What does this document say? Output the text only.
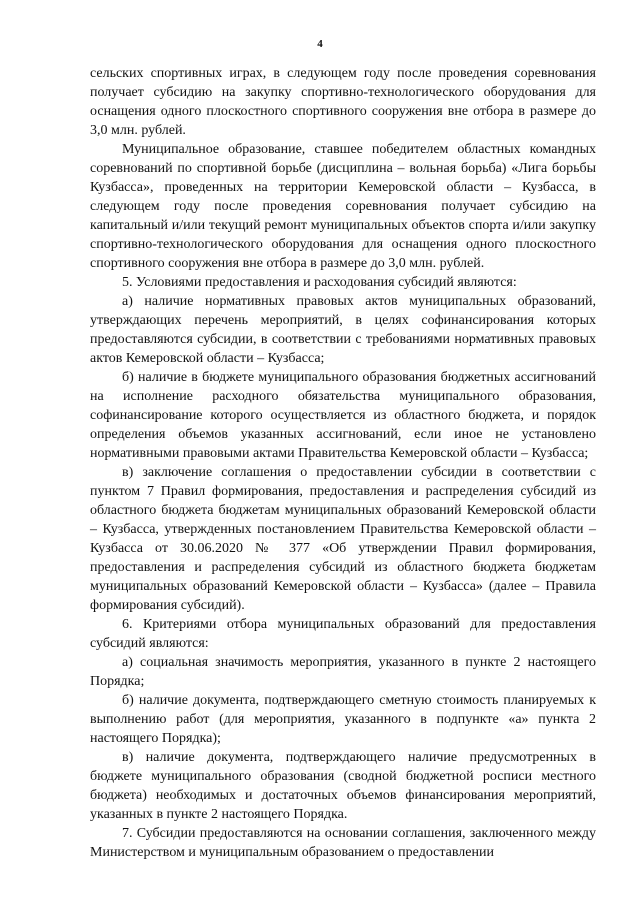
4

сельских спортивных играх, в следующем году после проведения соревнования получает субсидию на закупку спортивно-технологического оборудования для оснащения одного плоскостного спортивного сооружения вне отбора в размере до 3,0 млн. рублей.

Муниципальное образование, ставшее победителем областных командных соревнований по спортивной борьбе (дисциплина – вольная борьба) «Лига борьбы Кузбасса», проведенных на территории Кемеровской области – Кузбасса, в следующем году после проведения соревнования получает субсидию на капитальный и/или текущий ремонт муниципальных объектов спорта и/или закупку спортивно-технологического оборудования для оснащения одного плоскостного спортивного сооружения вне отбора в размере до 3,0 млн. рублей.

5. Условиями предоставления и расходования субсидий являются:

а) наличие нормативных правовых актов муниципальных образований, утверждающих перечень мероприятий, в целях софинансирования которых предоставляются субсидии, в соответствии с требованиями нормативных правовых актов Кемеровской области – Кузбасса;

б) наличие в бюджете муниципального образования бюджетных ассигнований на исполнение расходного обязательства муниципального образования, софинансирование которого осуществляется из областного бюджета, и порядок определения объемов указанных ассигнований, если иное не установлено нормативными правовыми актами Правительства Кемеровской области – Кузбасса;

в) заключение соглашения о предоставлении субсидии в соответствии с пунктом 7 Правил формирования, предоставления и распределения субсидий из областного бюджета бюджетам муниципальных образований Кемеровской области – Кузбасса, утвержденных постановлением Правительства Кемеровской области – Кузбасса от 30.06.2020 № 377 «Об утверждении Правил формирования, предоставления и распределения субсидий из областного бюджета бюджетам муниципальных образований Кемеровской области – Кузбасса» (далее – Правила формирования субсидий).

6. Критериями отбора муниципальных образований для предоставления субсидий являются:

а) социальная значимость мероприятия, указанного в пункте 2 настоящего Порядка;

б) наличие документа, подтверждающего сметную стоимость планируемых к выполнению работ (для мероприятия, указанного в подпункте «а» пункта 2 настоящего Порядка);

в) наличие документа, подтверждающего наличие предусмотренных в бюджете муниципального образования (сводной бюджетной росписи местного бюджета) необходимых и достаточных объемов финансирования мероприятий, указанных в пункте 2 настоящего Порядка.

7. Субсидии предоставляются на основании соглашения, заключенного между Министерством и муниципальным образованием о предоставлении
